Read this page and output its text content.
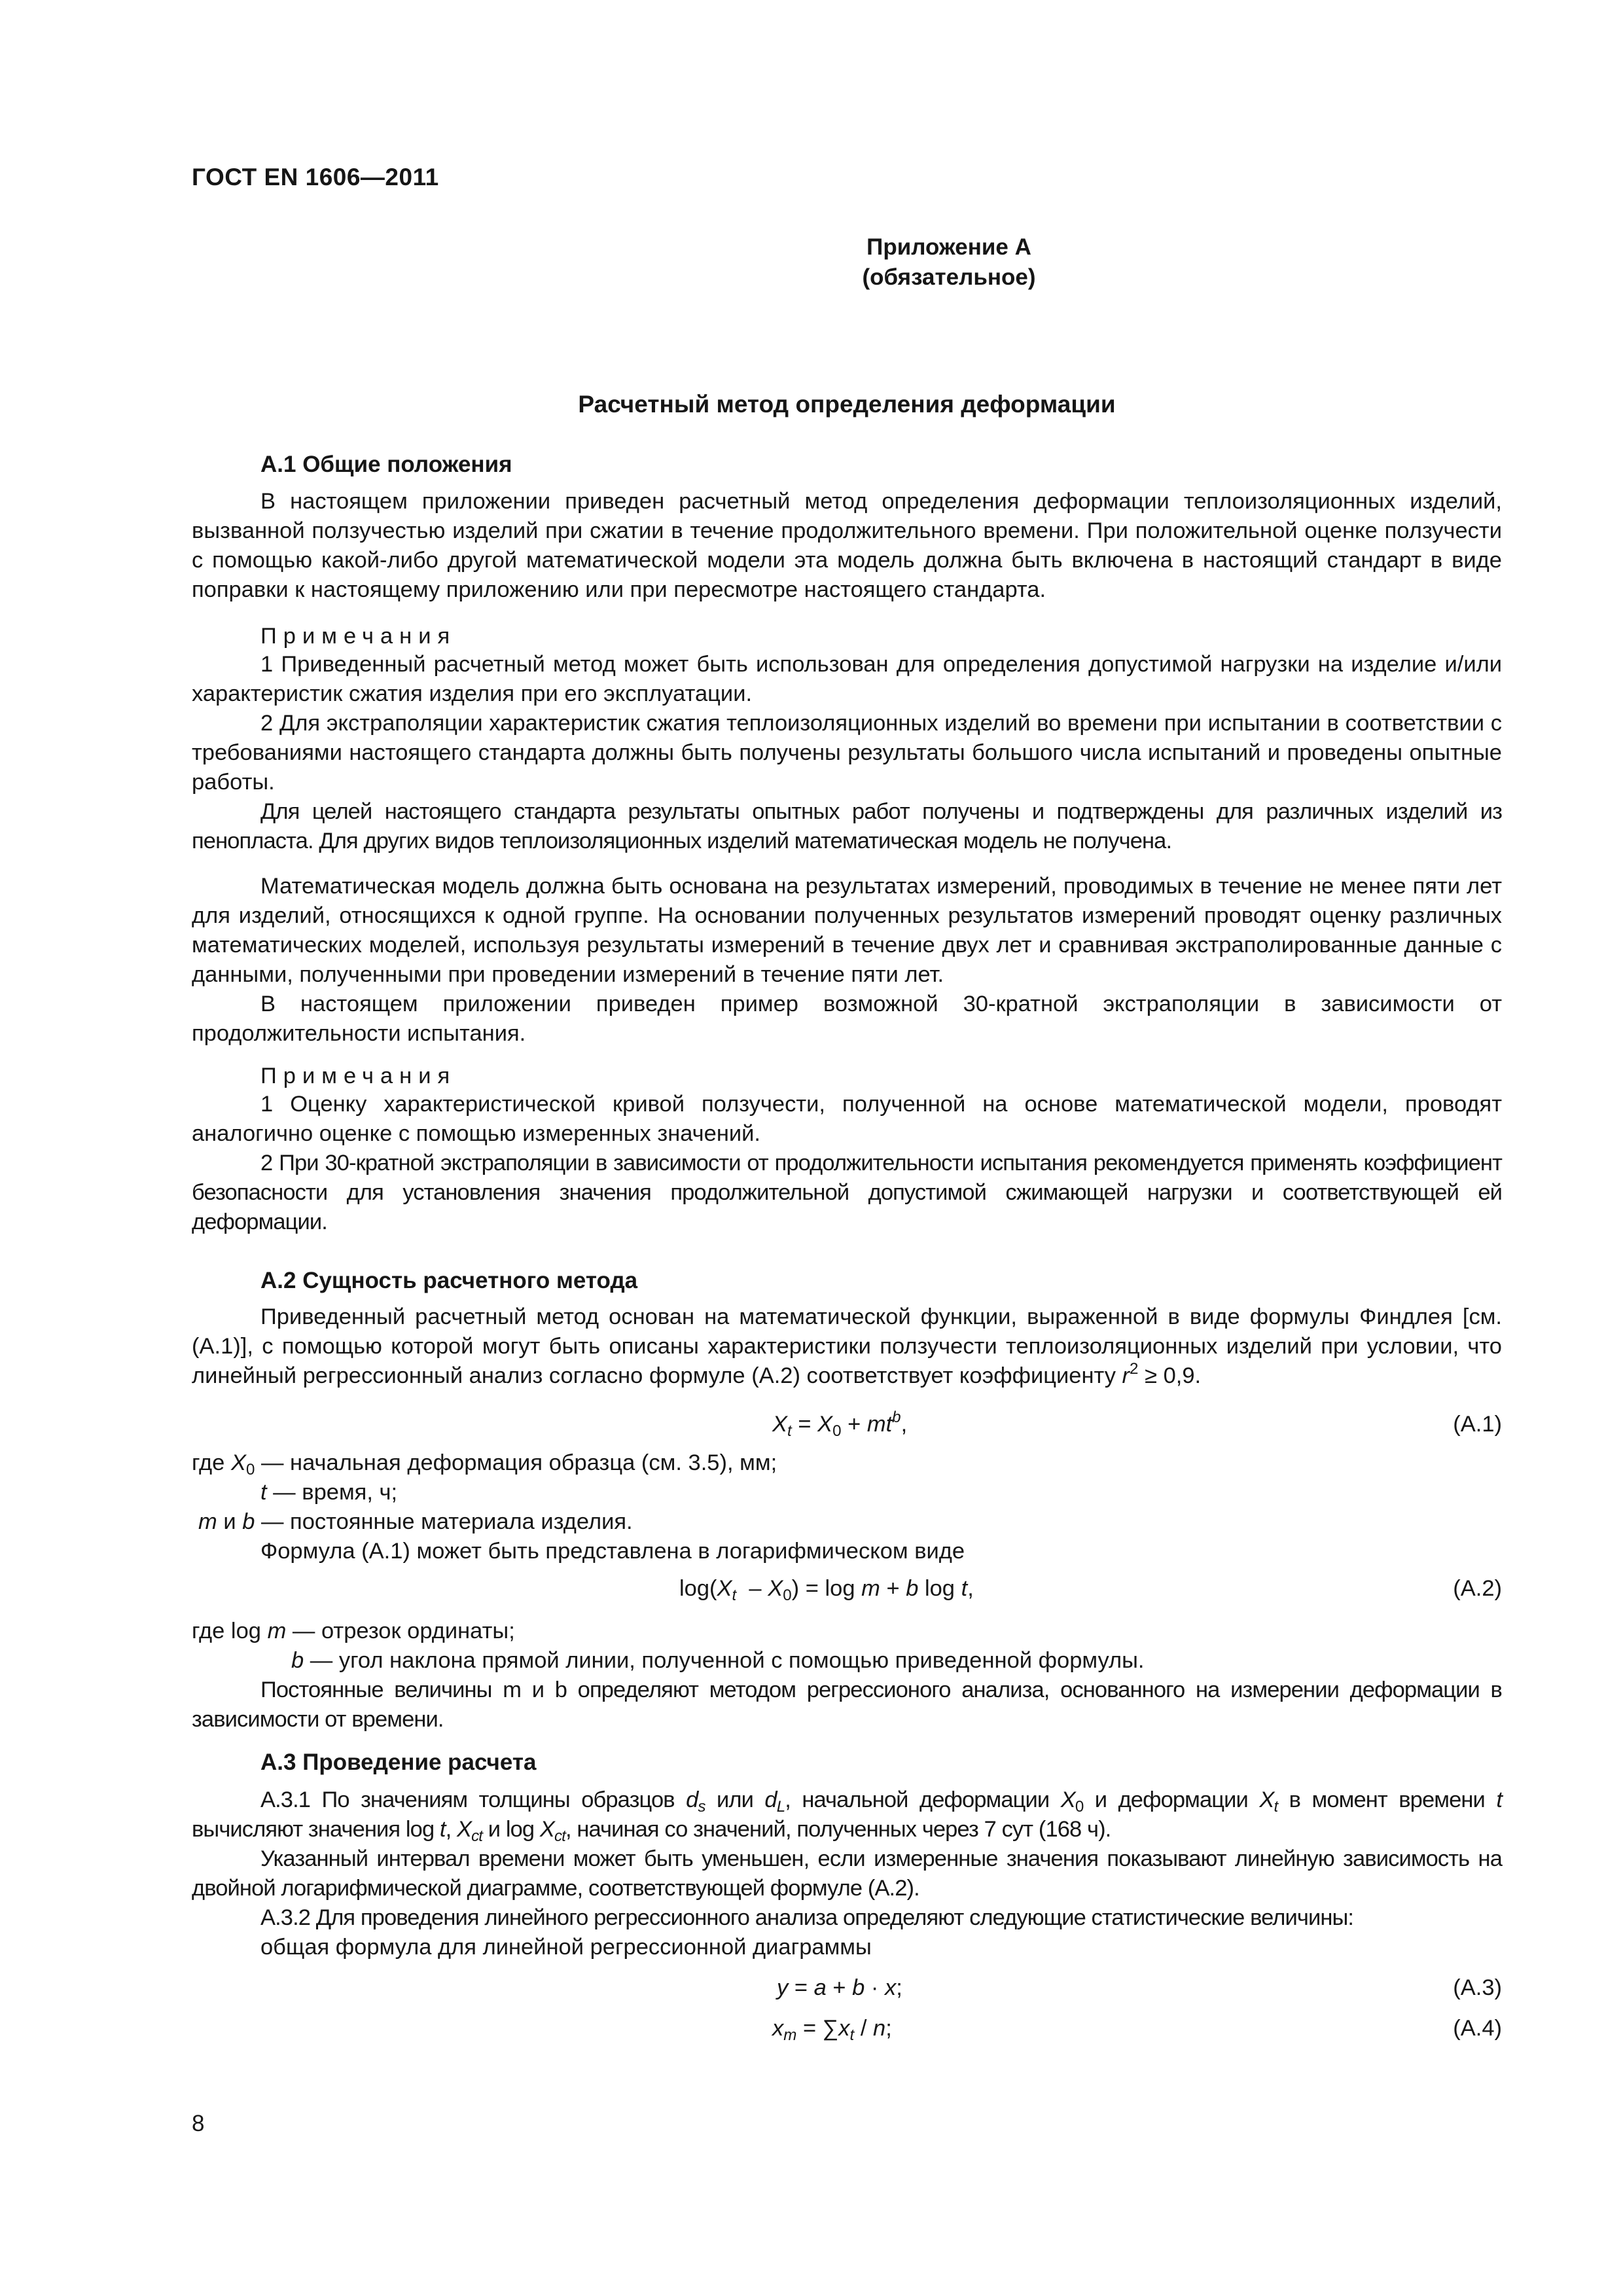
ГОСТ EN 1606—2011
Приложение А
(обязательное)
Расчетный метод определения деформации
А.1 Общие положения

В настоящем приложении приведен расчетный метод определения деформации теплоизоляционных изделий, вызванной ползучестью изделий при сжатии в течение продолжительного времени. При положительной оценке ползучести с помощью какой-либо другой математической модели эта модель должна быть включена в настоящий стандарт в виде поправки к настоящему приложению или при пересмотре настоящего стандарта.

Примечания

1 Приведенный расчетный метод может быть использован для определения допустимой нагрузки на изделие и/или характеристик сжатия изделия при его эксплуатации.

2 Для экстраполяции характеристик сжатия теплоизоляционных изделий во времени при испытании в соответствии с требованиями настоящего стандарта должны быть получены результаты большого числа испытаний и проведены опытные работы.

Для целей настоящего стандарта результаты опытных работ получены и подтверждены для различных изделий из пенопласта. Для других видов теплоизоляционных изделий математическая модель не получена.

Математическая модель должна быть основана на результатах измерений, проводимых в течение не менее пяти лет для изделий, относящихся к одной группе. На основании полученных результатов измерений проводят оценку различных математических моделей, используя результаты измерений в течение двух лет и сравнивая экстраполированные данные с данными, полученными при проведении измерений в течение пяти лет.

В настоящем приложении приведен пример возможной 30-кратной экстраполяции в зависимости от продолжительности испытания.

Примечания

1 Оценку характеристической кривой ползучести, полученной на основе математической модели, проводят аналогично оценке с помощью измеренных значений.

2 При 30-кратной экстраполяции в зависимости от продолжительности испытания рекомендуется применять коэффициент безопасности для установления значения продолжительной допустимой сжимающей нагрузки и соответствующей ей деформации.

А.2 Сущность расчетного метода

Приведенный расчетный метод основан на математической функции, выраженной в виде формулы Финдлея [см. (А.1)], с помощью которой могут быть описаны характеристики ползучести теплоизоляционных изделий при условии, что линейный регрессионный анализ согласно формуле (А.2) соответствует коэффициенту $r^2 \ge 0,9$.

$X_t = X_0 + mt^b$,	(А.1)
где $X_0$ — начальная деформация образца (см. 3.5), мм;
t — время, ч;
m и b — постоянные материала изделия.
Формула (А.1) может быть представлена в логарифмическом виде
$\log(X_t - X_0) = \log m + b$ log t,	(А.2)
где log m — отрезок ординаты;
b — угол наклона прямой линии, полученной с помощью приведенной формулы.

Постоянные величины m и b определяют методом регрессионого анализа, основанного на измерении деформации в зависимости от времени.

А.3 Проведение расчета

А.3.1 По значениям толщины образцов $d_s$ или $d_L$, начальной деформации $X_0$ и деформации $X_t$ в момент времени t вычисляют значения log t, $X_{ct}$ и $\log X_{ct}$, начиная со значений, полученных через 7 сут (168 ч).

Указанный интервал времени может быть уменьшен, если измеренные значения показывают линейную зависимость на двойной логарифмической диаграмме, соответствующей формуле (А.2).

А.3.2 Для проведения линейного регрессионного анализа определяют следующие статистические величины:

общая формула для линейной регрессионной диаграммы
y = a + b · x;	(А.3)
$x_m = \sum x_t / n$;	(А.4)
8
